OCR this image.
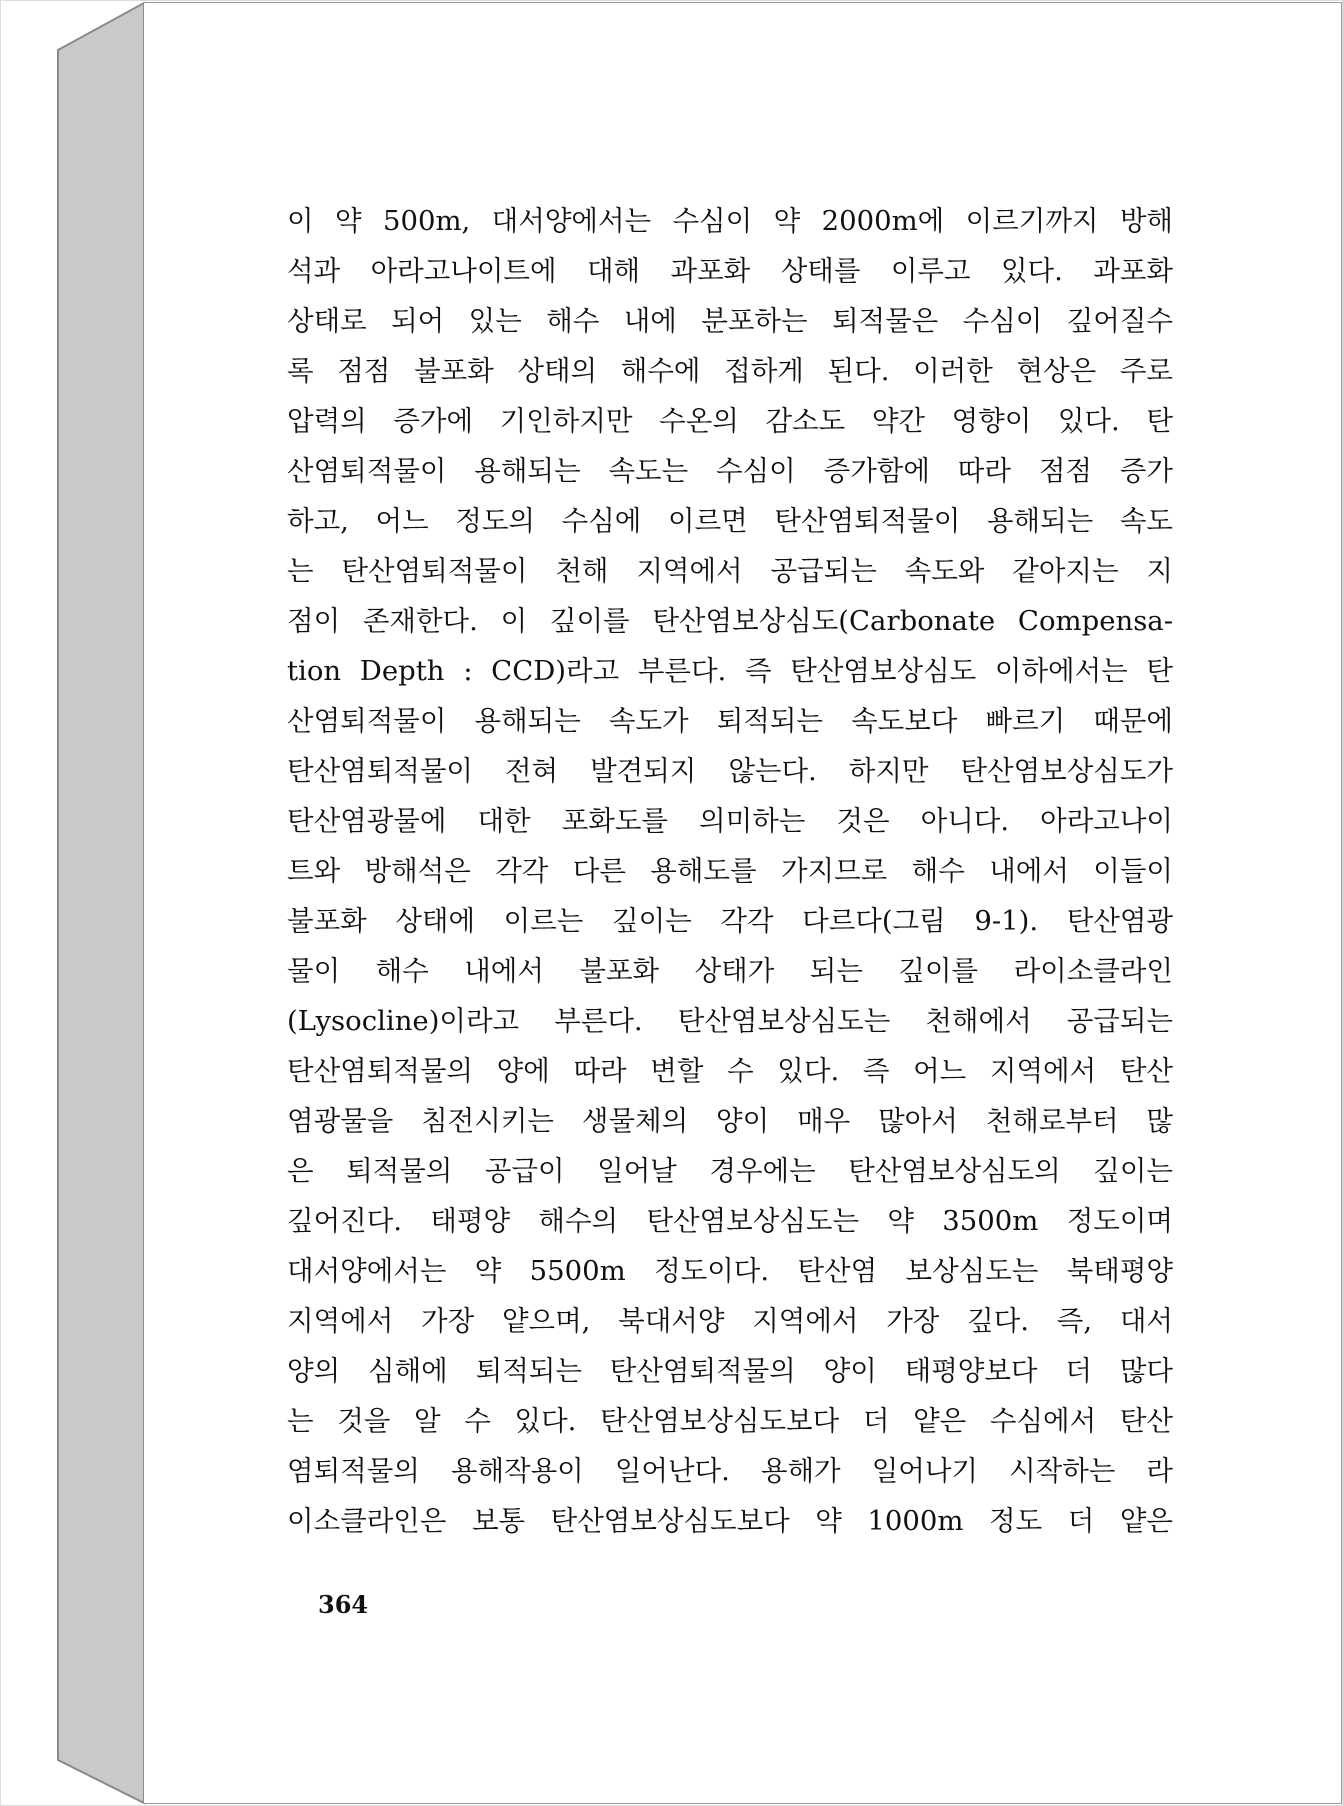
이 약 500m, 대서양에서는 수심이 약 2000m에 이르기까지 방해
석과 아라고나이트에 대해 과포화 상태를 이루고 있다. 과포화
상태로 되어 있는 해수 내에 분포하는 퇴적물은 수심이 깊어질수
록 점점 불포화 상태의 해수에 접하게 된다. 이러한 현상은 주로
압력의 증가에 기인하지만 수온의 감소도 약간 영향이 있다. 탄
산염퇴적물이 용해되는 속도는 수심이 증가함에 따라 점점 증가
하고, 어느 정도의 수심에 이르면 탄산염퇴적물이 용해되는 속도
는 탄산염퇴적물이 천해 지역에서 공급되는 속도와 같아지는 지
점이 존재한다. 이 깊이를 탄산염보상심도(Carbonate Compensa-
tion Depth : CCD)라고 부른다. 즉 탄산염보상심도 이하에서는 탄
산염퇴적물이 용해되는 속도가 퇴적되는 속도보다 빠르기 때문에
탄산염퇴적물이 전혀 발견되지 않는다. 하지만 탄산염보상심도가
탄산염광물에 대한 포화도를 의미하는 것은 아니다. 아라고나이
트와 방해석은 각각 다른 용해도를 가지므로 해수 내에서 이들이
불포화 상태에 이르는 깊이는 각각 다르다(그림 9-1). 탄산염광
물이 해수 내에서 불포화 상태가 되는 깊이를 라이소클라인
(Lysocline)이라고 부른다. 탄산염보상심도는 천해에서 공급되는
탄산염퇴적물의 양에 따라 변할 수 있다. 즉 어느 지역에서 탄산
염광물을 침전시키는 생물체의 양이 매우 많아서 천해로부터 많
은 퇴적물의 공급이 일어날 경우에는 탄산염보상심도의 깊이는
깊어진다. 태평양 해수의 탄산염보상심도는 약 3500m 정도이며
대서양에서는 약 5500m 정도이다. 탄산염 보상심도는 북태평양
지역에서 가장 얕으며, 북대서양 지역에서 가장 깊다. 즉, 대서
양의 심해에 퇴적되는 탄산염퇴적물의 양이 태평양보다 더 많다
는 것을 알 수 있다. 탄산염보상심도보다 더 얕은 수심에서 탄산
염퇴적물의 용해작용이 일어난다. 용해가 일어나기 시작하는 라
이소클라인은 보통 탄산염보상심도보다 약 1000m 정도 더 얕은
364
